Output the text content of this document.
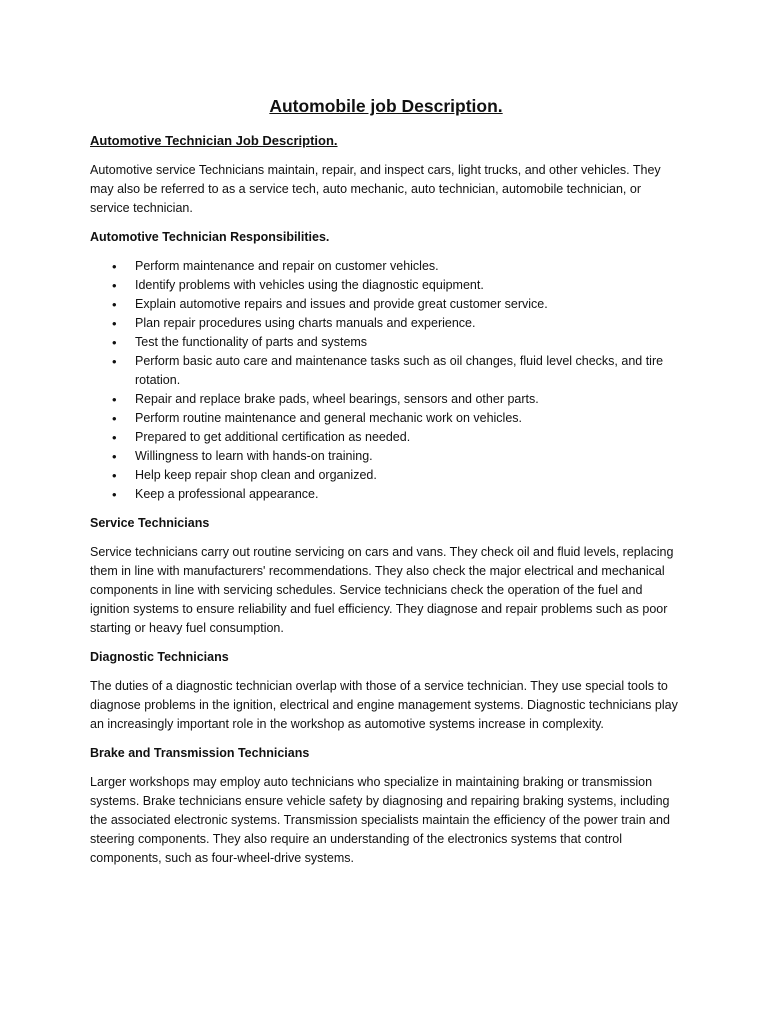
Automobile job Description.
Automotive Technician Job Description.

Automotive service Technicians maintain, repair, and inspect cars, light trucks, and other vehicles. They may also be referred to as a service tech, auto mechanic, auto technician, automobile technician, or service technician.

Automotive Technician Responsibilities.
• Perform maintenance and repair on customer vehicles.
• Identify problems with vehicles using the diagnostic equipment.
• Explain automotive repairs and issues and provide great customer service.
• Plan repair procedures using charts manuals and experience.
• Test the functionality of parts and systems
• Perform basic auto care and maintenance tasks such as oil changes, fluid level checks, and tire rotation.
• Repair and replace brake pads, wheel bearings, sensors and other parts.
• Perform routine maintenance and general mechanic work on vehicles.
• Prepared to get additional certification as needed.
• Willingness to learn with hands-on training.
• Help keep repair shop clean and organized.
• Keep a professional appearance.
Service Technicians

Service technicians carry out routine servicing on cars and vans. They check oil and fluid levels, replacing them in line with manufacturers' recommendations. They also check the major electrical and mechanical components in line with servicing schedules. Service technicians check the operation of the fuel and ignition systems to ensure reliability and fuel efficiency. They diagnose and repair problems such as poor starting or heavy fuel consumption.

Diagnostic Technicians

The duties of a diagnostic technician overlap with those of a service technician. They use special tools to diagnose problems in the ignition, electrical and engine management systems. Diagnostic technicians play an increasingly important role in the workshop as automotive systems increase in complexity.

Brake and Transmission Technicians

Larger workshops may employ auto technicians who specialize in maintaining braking or transmission systems. Brake technicians ensure vehicle safety by diagnosing and repairing braking systems, including the associated electronic systems. Transmission specialists maintain the efficiency of the power train and steering components. They also require an understanding of the electronics systems that control components, such as four-wheel-drive systems.
